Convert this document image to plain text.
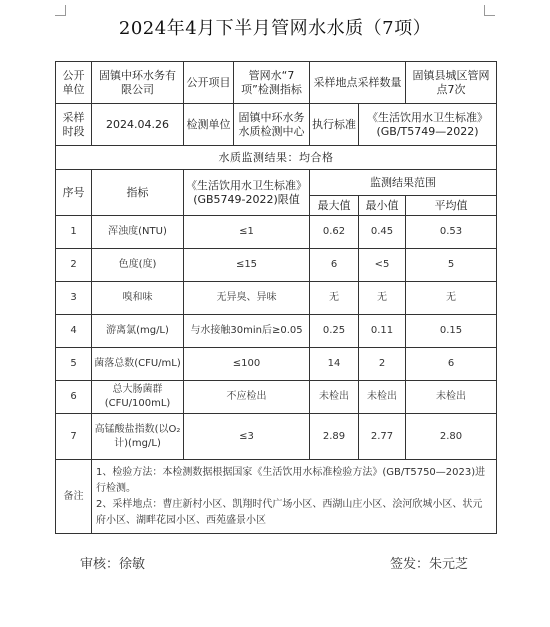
2024年4月下半月管网水水质（7项）
公开单位	固镇中环水务有限公司	公开项目	管网水“7项”检测指标	采样地点采样数量		固镇县城区管网点7次
采样时段	2024.04.26	检测单位	固镇中环水务水质检测中心	执行标准	《生活饮用水卫生标准》(GB/T5749—2022)	
水质监测结果：均合格						
序号	指标	《生活饮用水卫生标准》(GB5749-2022)限值		监测结果范围		
				最大值	最小值	平均值
1	浑浊度(NTU)	≤1		0.62	0.45	0.53
2	色度(度)	≤15		6	<5	5
3	嗅和味	无异臭、异味		无	无	无
4	游离氯(mg/L)	与水接触30min后≥0.05		0.25	0.11	0.15
5	菌落总数(CFU/mL)	≤100		14	2	6
6	总大肠菌群(CFU/100mL)	不应检出		未检出	未检出	未检出
7	高锰酸盐指数(以O₂计)(mg/L)	≤3		2.89	2.77	2.80
备注	1、检验方法：本检测数据根据国家《生活饮用水标准检验方法》(GB/T5750—2023)进行检测。
2、采样地点：曹庄新村小区、凯翔时代广场小区、西湖山庄小区、浍河欣城小区、状元府小区、湖畔花园小区、西苑盛景小区					
审核：徐敏	签发：朱元芝
